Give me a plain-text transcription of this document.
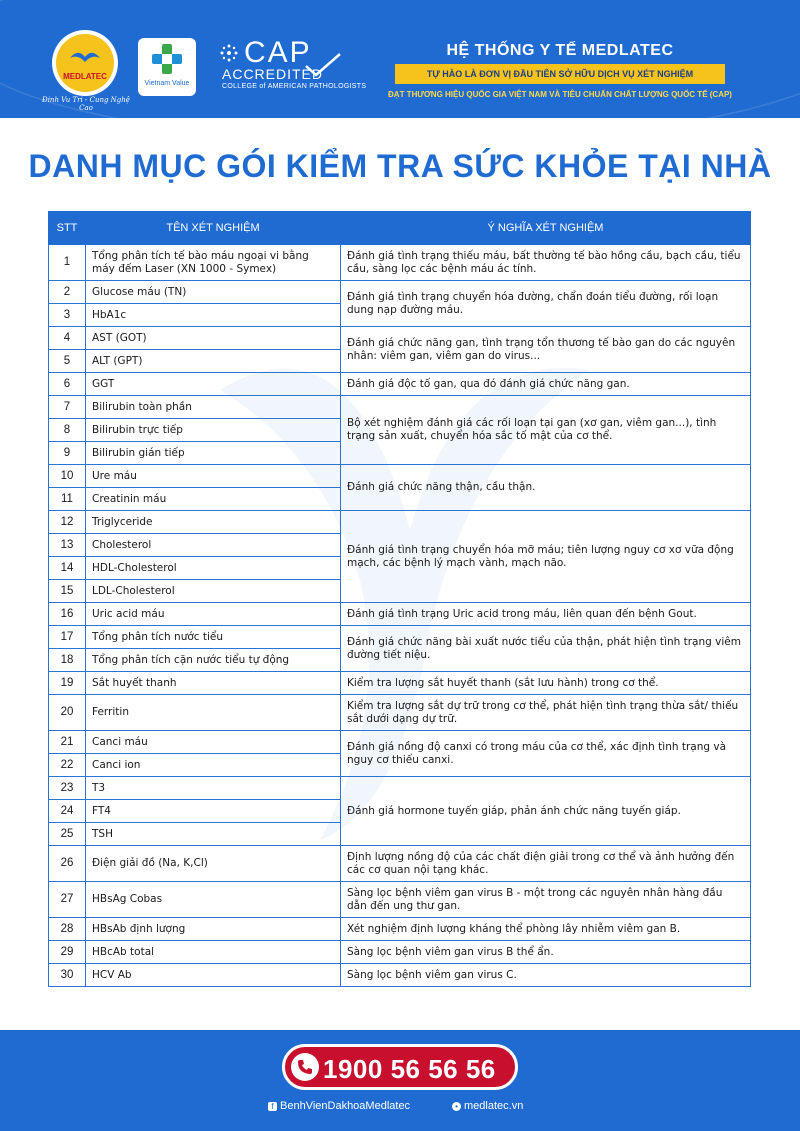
MEDLATEC
Đinh Vu Tri - Cung Nghệ Cao
Vietnam Value
CAP
ACCREDITED
COLLEGE of AMERICAN PATHOLOGISTS
HỆ THỐNG Y TẾ MEDLATEC
TỰ HÀO LÀ ĐƠN VỊ ĐẦU TIÊN SỞ HỮU DỊCH VỤ XÉT NGHIỆM
ĐẠT THƯƠNG HIỆU QUỐC GIA VIỆT NAM VÀ TIÊU CHUẨN CHẤT LƯỢNG QUỐC TẾ (CAP)
DANH MỤC GÓI KIỂM TRA SỨC KHỎE TẠI NHÀ
STT	TÊN XÉT NGHIỆM	Ý NGHĨA XÉT NGHIỆM
1	Tổng phân tích tế bào máu ngoại vi bằng máy đếm Laser (XN 1000 - Symex)	Đánh giá tình trạng thiếu máu, bất thường tế bào hồng cầu, bạch cầu, tiểu cầu, sàng lọc các bệnh máu ác tính.
2	Glucose máu (TN)	Đánh giá tình trạng chuyển hóa đường, chẩn đoán tiểu đường, rối loạn dung nạp đường máu.
3	HbA1c	
4	AST (GOT)	Đánh giá chức năng gan, tình trạng tổn thương tế bào gan do các nguyên nhân: viêm gan, viêm gan do virus...
5	ALT (GPT)	
6	GGT	Đánh giá độc tố gan, qua đó đánh giá chức năng gan.
7	Bilirubin toàn phần	Bộ xét nghiệm đánh giá các rối loạn tại gan (xơ gan, viêm gan...), tình trạng sản xuất, chuyển hóa sắc tố mật của cơ thể.
8	Bilirubin trực tiếp	
9	Bilirubin gián tiếp	
10	Ure máu	Đánh giá chức năng thận, cầu thận.
11	Creatinin máu	
12	Triglyceride	Đánh giá tình trạng chuyển hóa mỡ máu; tiên lượng nguy cơ xơ vữa động mạch, các bệnh lý mạch vành, mạch não.
13	Cholesterol	
14	HDL-Cholesterol	
15	LDL-Cholesterol	
16	Uric acid máu	Đánh giá tình trạng Uric acid trong máu, liên quan đến bệnh Gout.
17	Tổng phân tích nước tiểu	Đánh giá chức năng bài xuất nước tiểu của thận, phát hiện tình trạng viêm đường tiết niệu.
18	Tổng phân tích cặn nước tiểu tự động	
19	Sắt huyết thanh	Kiểm tra lượng sắt huyết thanh (sắt lưu hành) trong cơ thể.
20	Ferritin	Kiểm tra lượng sắt dự trữ trong cơ thể, phát hiện tình trạng thừa sắt/ thiếu sắt dưới dạng dự trữ.
21	Canci máu	Đánh giá nồng độ canxi có trong máu của cơ thể, xác định tình trạng và nguy cơ thiếu canxi.
22	Canci ion	
23	T3	Đánh giá hormone tuyến giáp, phản ánh chức năng tuyến giáp.
24	FT4	
25	TSH	
26	Điện giải đồ (Na, K,Cl)	Định lượng nồng độ của các chất điện giải trong cơ thể và ảnh hưởng đến các cơ quan nội tạng khác.
27	HBsAg Cobas	Sàng lọc bệnh viêm gan virus B - một trong các nguyên nhân hàng đầu dẫn đến ung thư gan.
28	HBsAb định lượng	Xét nghiệm định lượng kháng thể phòng lây nhiễm viêm gan B.
29	HBcAb total	Sàng lọc bệnh viêm gan virus B thể ẩn.
30	HCV Ab	Sàng lọc bệnh viêm gan virus C.
1900 56 56 56
f BenhVienDakhoaMedlatec	• medlatec.vn
